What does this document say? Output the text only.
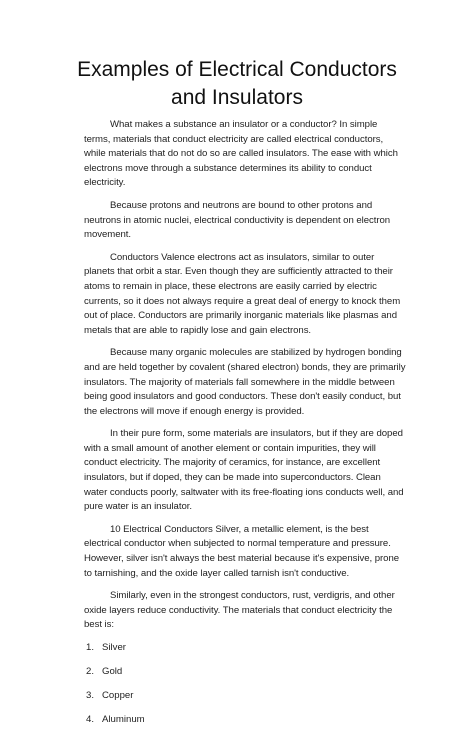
Examples of Electrical Conductors and Insulators

What makes a substance an insulator or a conductor? In simple terms, materials that conduct electricity are called electrical conductors, while materials that do not do so are called insulators. The ease with which electrons move through a substance determines its ability to conduct electricity.

Because protons and neutrons are bound to other protons and neutrons in atomic nuclei, electrical conductivity is dependent on electron movement.

Conductors Valence electrons act as insulators, similar to outer planets that orbit a star. Even though they are sufficiently attracted to their atoms to remain in place, these electrons are easily carried by electric currents, so it does not always require a great deal of energy to knock them out of place. Conductors are primarily inorganic materials like plasmas and metals that are able to rapidly lose and gain electrons.

Because many organic molecules are stabilized by hydrogen bonding and are held together by covalent (shared electron) bonds, they are primarily insulators. The majority of materials fall somewhere in the middle between being good insulators and good conductors. These don't easily conduct, but the electrons will move if enough energy is provided.

In their pure form, some materials are insulators, but if they are doped with a small amount of another element or contain impurities, they will conduct electricity. The majority of ceramics, for instance, are excellent insulators, but if doped, they can be made into superconductors. Clean water conducts poorly, saltwater with its free-floating ions conducts well, and pure water is an insulator.

10 Electrical Conductors Silver, a metallic element, is the best electrical conductor when subjected to normal temperature and pressure. However, silver isn't always the best material because it's expensive, prone to tarnishing, and the oxide layer called tarnish isn't conductive.

Similarly, even in the strongest conductors, rust, verdigris, and other oxide layers reduce conductivity. The materials that conduct electricity the best is:

1. Silver
2. Gold
3. Copper
4. Aluminum
